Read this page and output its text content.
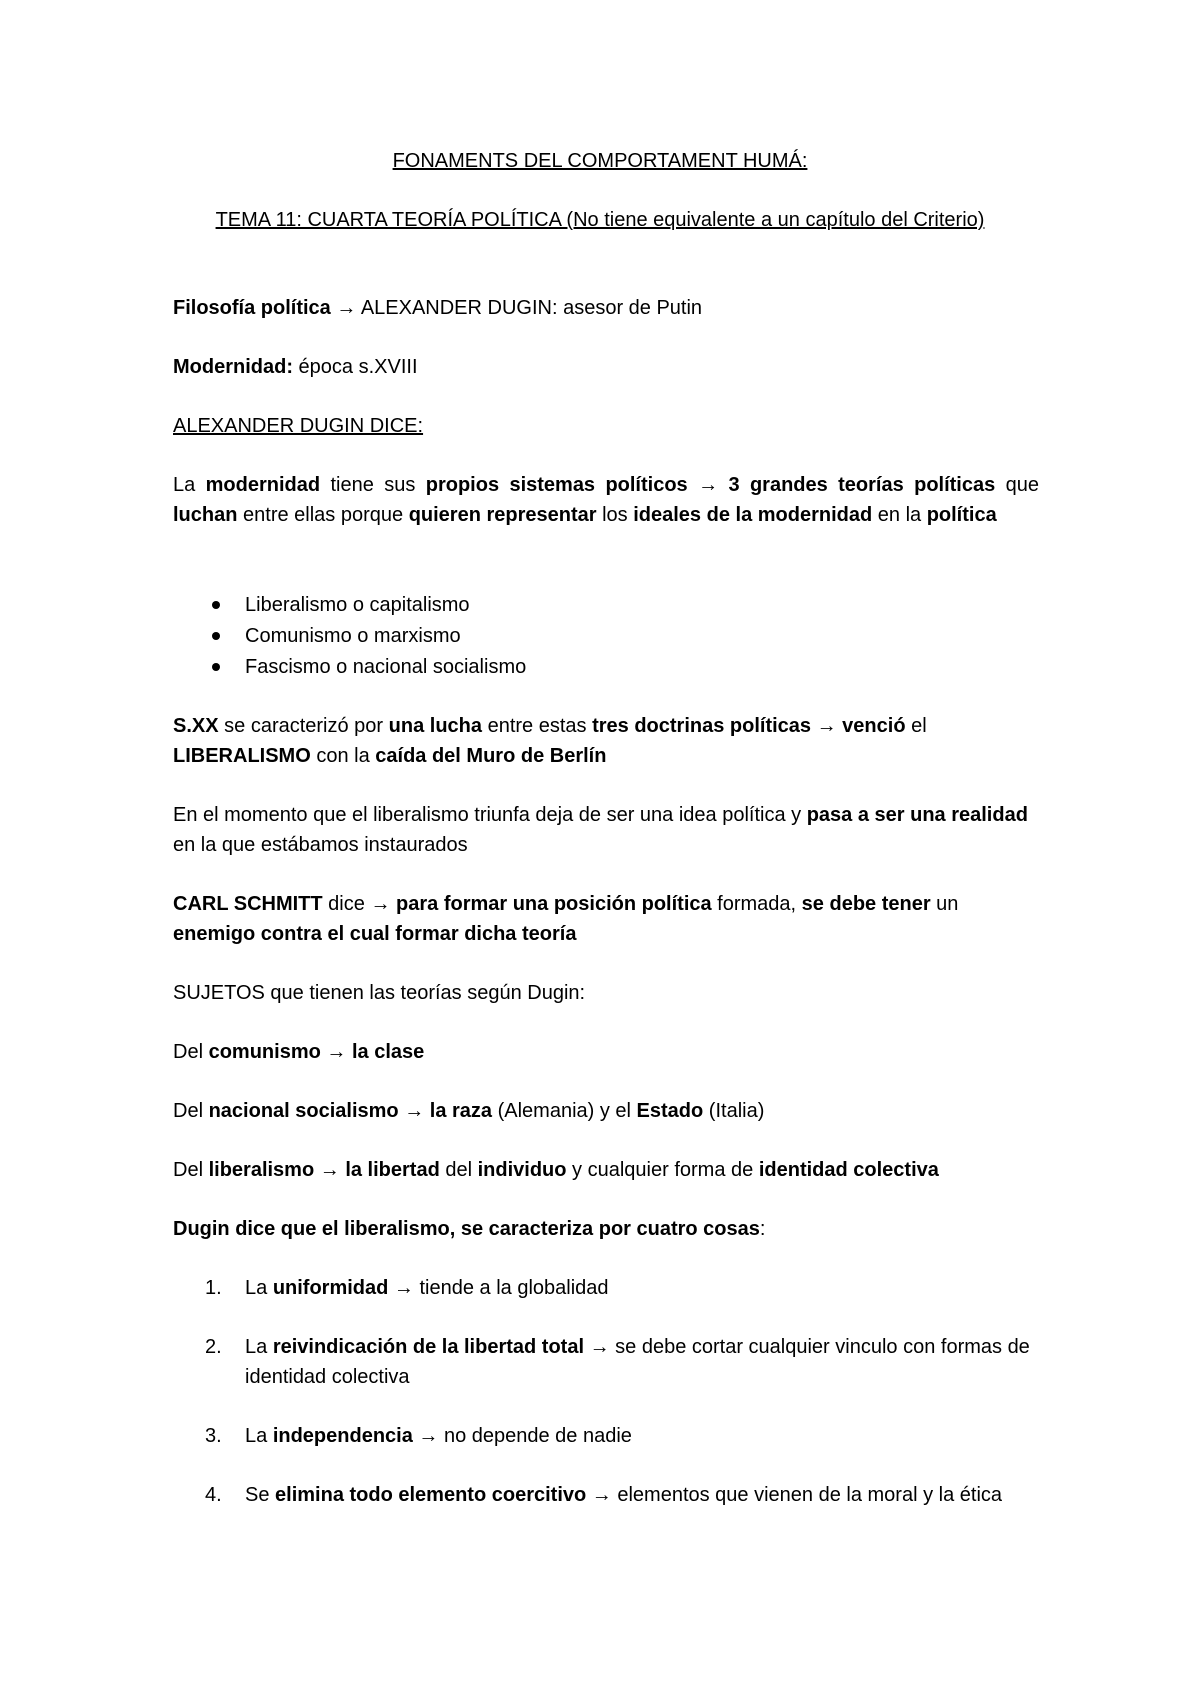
FONAMENTS DEL COMPORTAMENT HUMÁ:
TEMA 11: CUARTA TEORÍA POLÍTICA (No tiene equivalente a un capítulo del Criterio)
Filosofía política → ALEXANDER DUGIN: asesor de Putin
Modernidad: época s.XVIII
ALEXANDER DUGIN DICE:
La modernidad tiene sus propios sistemas políticos → 3 grandes teorías políticas que luchan entre ellas porque quieren representar los ideales de la modernidad en la política
Liberalismo o capitalismo
Comunismo o marxismo
Fascismo o nacional socialismo
S.XX se caracterizó por una lucha entre estas tres doctrinas políticas → venció el
LIBERALISMO con la caída del Muro de Berlín
En el momento que el liberalismo triunfa deja de ser una idea política y pasa a ser una realidad en la que estábamos instaurados
CARL SCHMITT dice → para formar una posición política formada, se debe tener un enemigo contra el cual formar dicha teoría
SUJETOS que tienen las teorías según Dugin:
Del comunismo → la clase
Del nacional socialismo → la raza (Alemania) y el Estado (Italia)
Del liberalismo → la libertad del individuo y cualquier forma de identidad colectiva
Dugin dice que el liberalismo, se caracteriza por cuatro cosas:
1. La uniformidad → tiende a la globalidad
2. La reivindicación de la libertad total → se debe cortar cualquier vinculo con formas de identidad colectiva
3. La independencia → no depende de nadie
4. Se elimina todo elemento coercitivo → elementos que vienen de la moral y la ética
